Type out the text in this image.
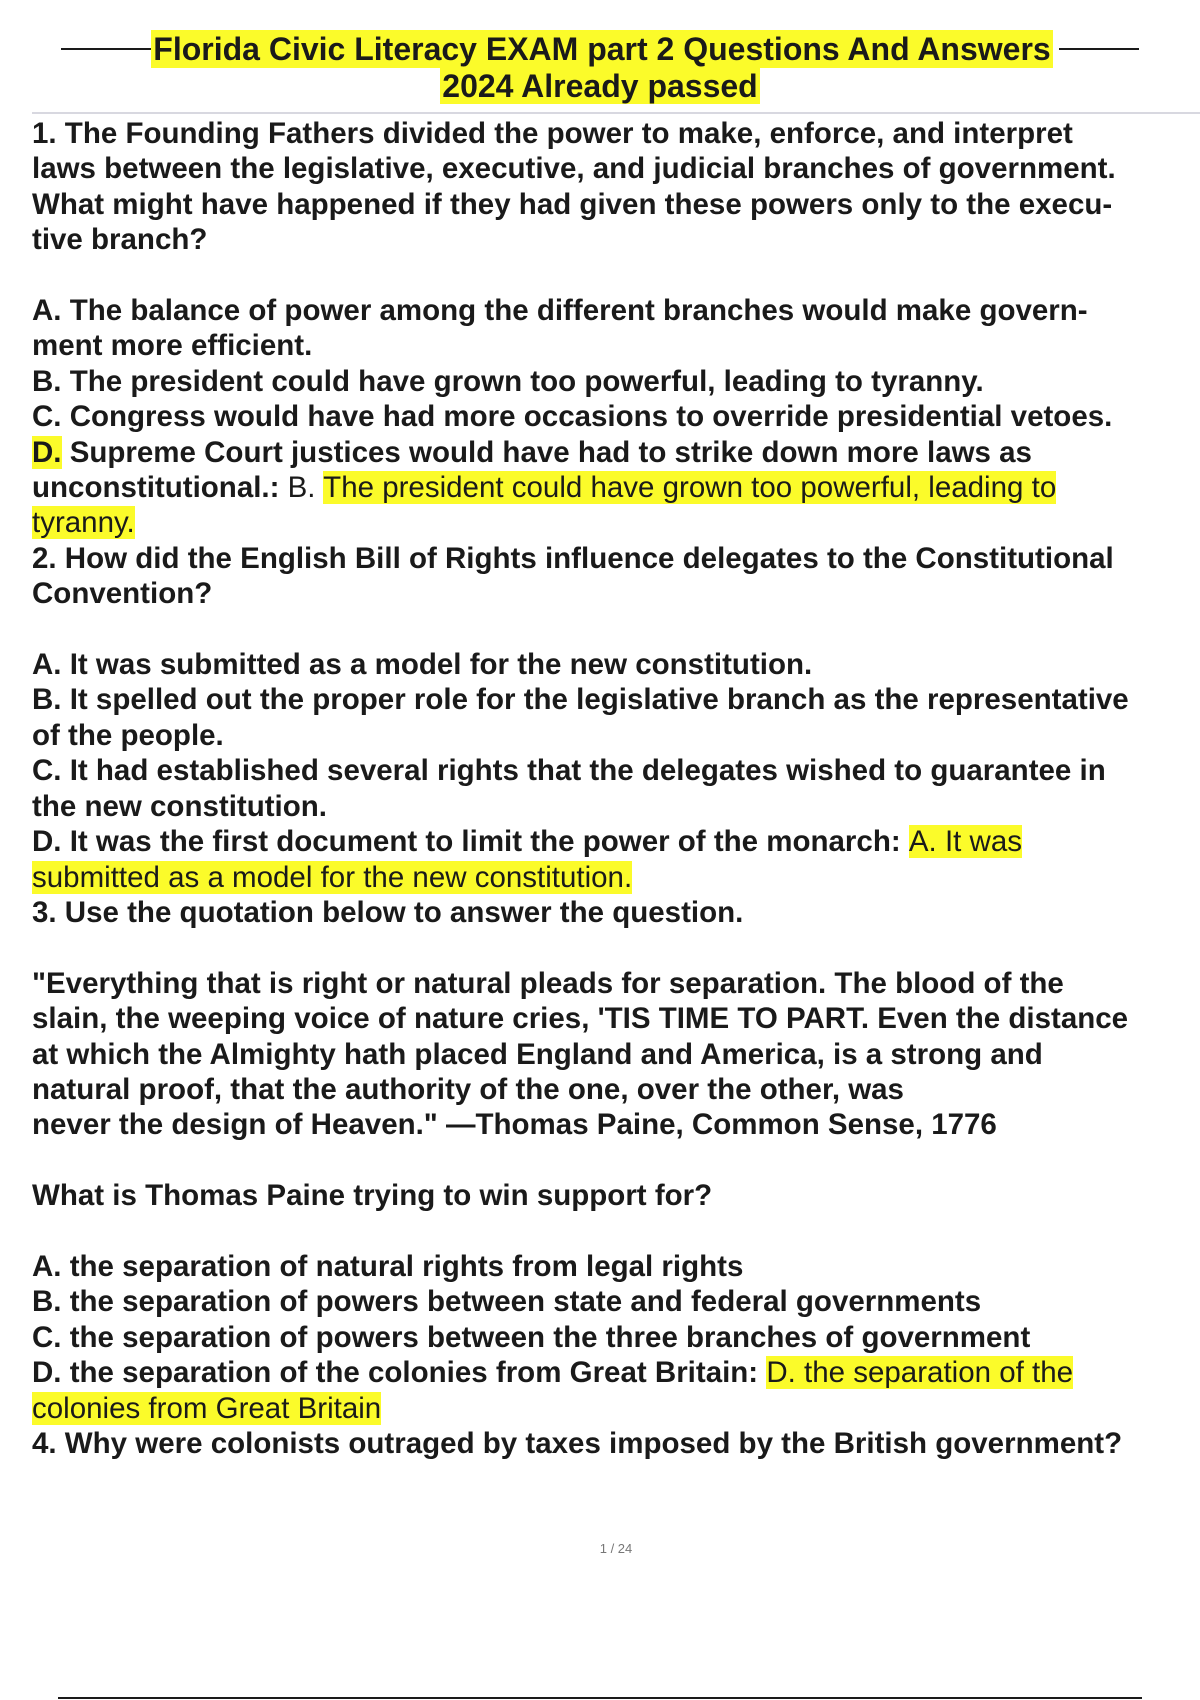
Florida Civic Literacy EXAM part 2 Questions And Answers
2024 Already passed

1. The Founding Fathers divided the power to make, enforce, and interpret

laws between the legislative, executive, and judicial branches of government.

What might have happened if they had given these powers only to the execu-

tive branch?

A. The balance of power among the different branches would make govern-

ment more efficient.

B. The president could have grown too powerful, leading to tyranny.

C. Congress would have had more occasions to override presidential vetoes.

D. Supreme Court justices would have had to strike down more laws as

unconstitutional.: B. The president could have grown too powerful, leading to

tyranny.

2. How did the English Bill of Rights influence delegates to the Constitutional

Convention?

A. It was submitted as a model for the new constitution.

B. It spelled out the proper role for the legislative branch as the representative

of the people.

C. It had established several rights that the delegates wished to guarantee in

the new constitution.

D. It was the first document to limit the power of the monarch: A. It was

submitted as a model for the new constitution.

3. Use the quotation below to answer the question.

"Everything that is right or natural pleads for separation. The blood of the

slain, the weeping voice of nature cries, 'TIS TIME TO PART. Even the distance

at which the Almighty hath placed England and America, is a strong and

natural proof, that the authority of the one, over the other, was

never the design of Heaven." —Thomas Paine, Common Sense, 1776

What is Thomas Paine trying to win support for?

A. the separation of natural rights from legal rights

B. the separation of powers between state and federal governments

C. the separation of powers between the three branches of government

D. the separation of the colonies from Great Britain: D. the separation of the

colonies from Great Britain

4. Why were colonists outraged by taxes imposed by the British government?

1 / 24
